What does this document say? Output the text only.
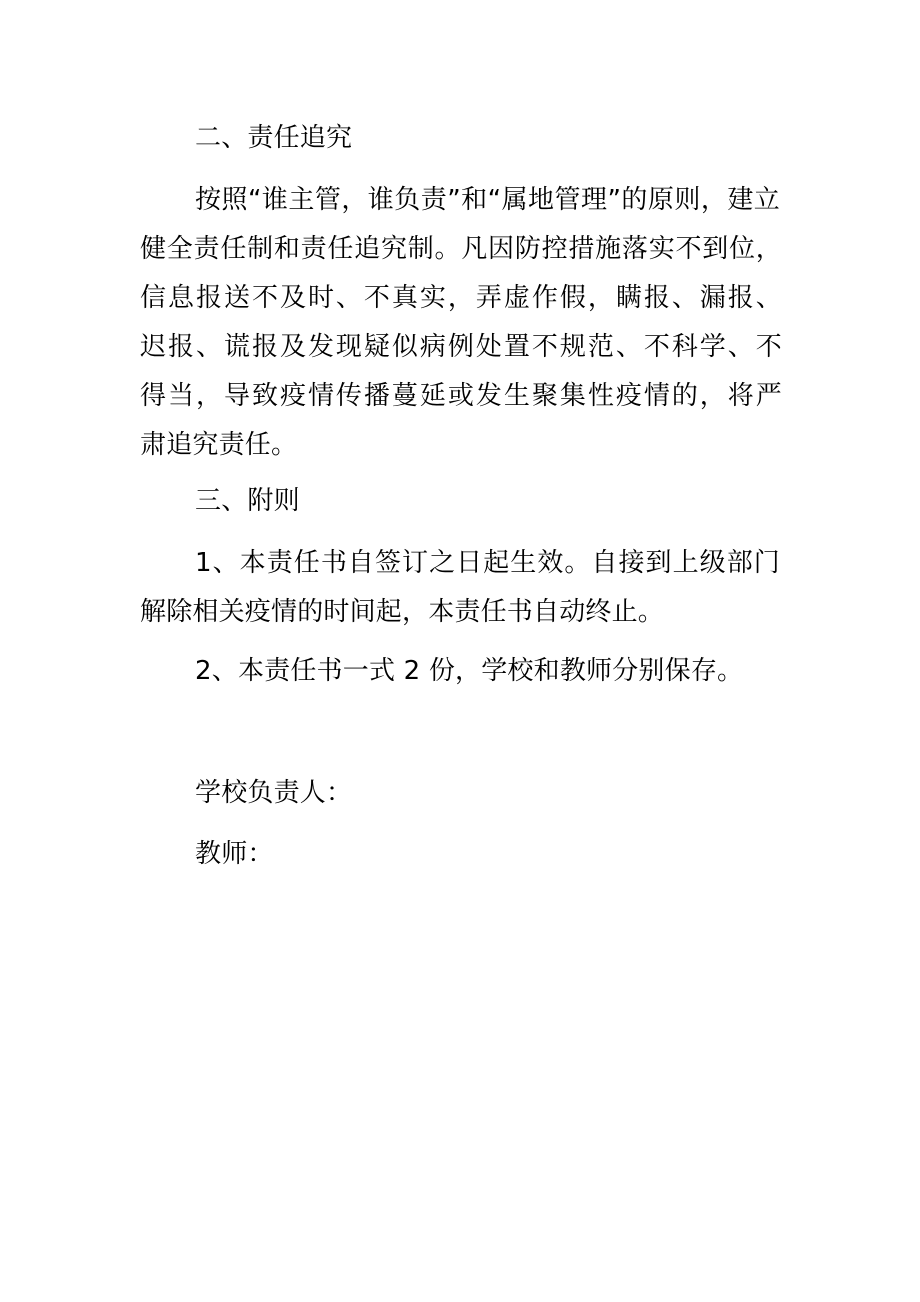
二、责任追究
按照“谁主管，谁负责”和“属地管理”的原则，建立
健全责任制和责任追究制。凡因防控措施落实不到位，
信息报送不及时、不真实，弄虚作假，瞒报、漏报、
迟报、谎报及发现疑似病例处置不规范、不科学、不
得当，导致疫情传播蔓延或发生聚集性疫情的，将严
肃追究责任。
三、附则
1、本责任书自签订之日起生效。自接到上级部门
解除相关疫情的时间起，本责任书自动终止。
2、本责任书一式 2 份，学校和教师分别保存。
学校负责人：
教师：
